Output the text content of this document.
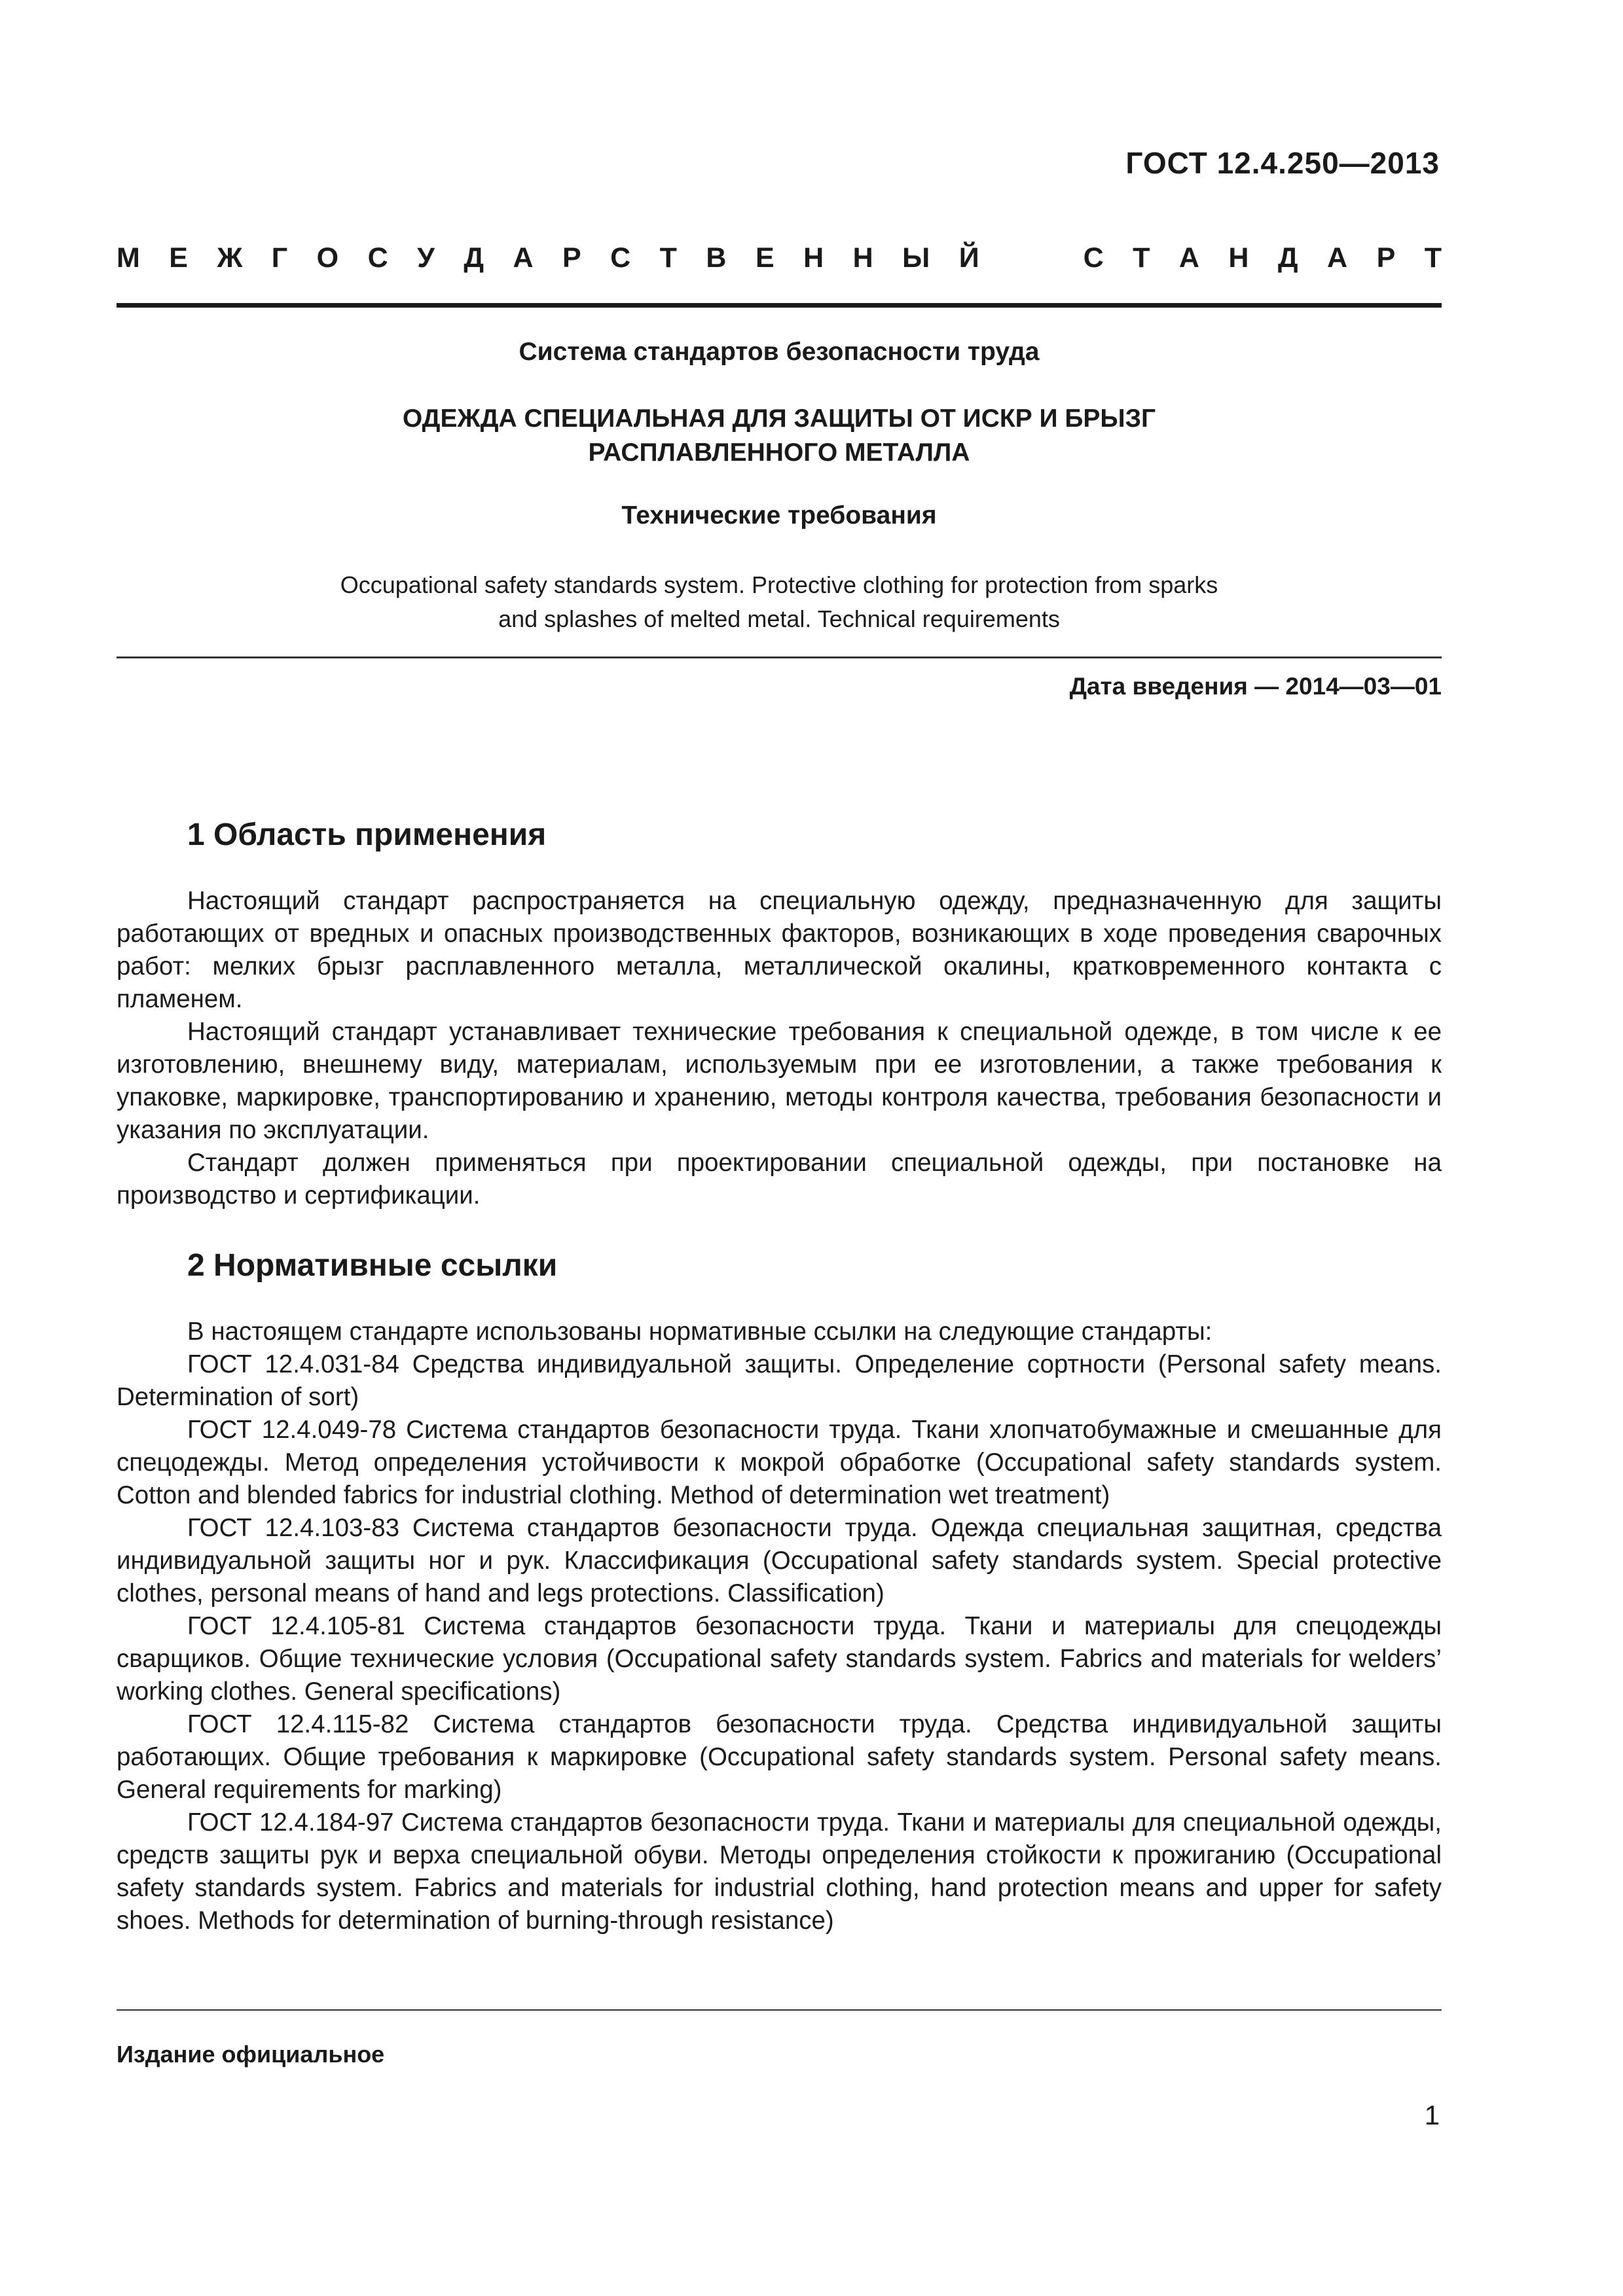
ГОСТ 12.4.250—2013
М Е Ж Г О С У Д А Р С Т В Е Н Н Ы Й	С Т А Н Д А Р Т
Система стандартов безопасности труда
ОДЕЖДА СПЕЦИАЛЬНАЯ ДЛЯ ЗАЩИТЫ ОТ ИСКР И БРЫЗГ
РАСПЛАВЛЕННОГО МЕТАЛЛА
Технические требования
Occupational safety standards system. Protective clothing for protection from sparks
and splashes of melted metal. Technical requirements
Дата введения — 2014—03—01
1 Область применения

Настоящий стандарт распространяется на специальную одежду, предназначенную для защиты работающих от вредных и опасных производственных факторов, возникающих в ходе проведения сварочных работ: мелких брызг расплавленного металла, металлической окалины, кратковременного контакта с пламенем.

Настоящий стандарт устанавливает технические требования к специальной одежде, в том числе к ее изготовлению, внешнему виду, материалам, используемым при ее изготовлении, а также требования к упаковке, маркировке, транспортированию и хранению, методы контроля качества, требования безопасности и указания по эксплуатации.

Стандарт должен применяться при проектировании специальной одежды, при постановке на производство и сертификации.

2 Нормативные ссылки

В настоящем стандарте использованы нормативные ссылки на следующие стандарты:

ГОСТ 12.4.031-84 Средства индивидуальной защиты. Определение сортности (Personal safety means. Determination of sort)

ГОСТ 12.4.049-78 Система стандартов безопасности труда. Ткани хлопчатобумажные и смешанные для спецодежды. Метод определения устойчивости к мокрой обработке (Occupational safety standards system. Cotton and blended fabrics for industrial clothing. Method of determination wet treatment)

ГОСТ 12.4.103-83 Система стандартов безопасности труда. Одежда специальная защитная, средства индивидуальной защиты ног и рук. Классификация (Occupational safety standards system. Special protective clothes, personal means of hand and legs protections. Classification)

ГОСТ 12.4.105-81 Система стандартов безопасности труда. Ткани и материалы для спецодежды сварщиков. Общие технические условия (Occupational safety standards system. Fabrics and materials for welders’ working clothes. General specifications)

ГОСТ 12.4.115-82 Система стандартов безопасности труда. Средства индивидуальной защиты работающих. Общие требования к маркировке (Occupational safety standards system. Personal safety means. General requirements for marking)

ГОСТ 12.4.184-97 Система стандартов безопасности труда. Ткани и материалы для специальной одежды, средств защиты рук и верха специальной обуви. Методы определения стойкости к прожиганию (Occupational safety standards system. Fabrics and materials for industrial clothing, hand protection means and upper for safety shoes. Methods for determination of burning-through resistance)

Издание официальное
1
